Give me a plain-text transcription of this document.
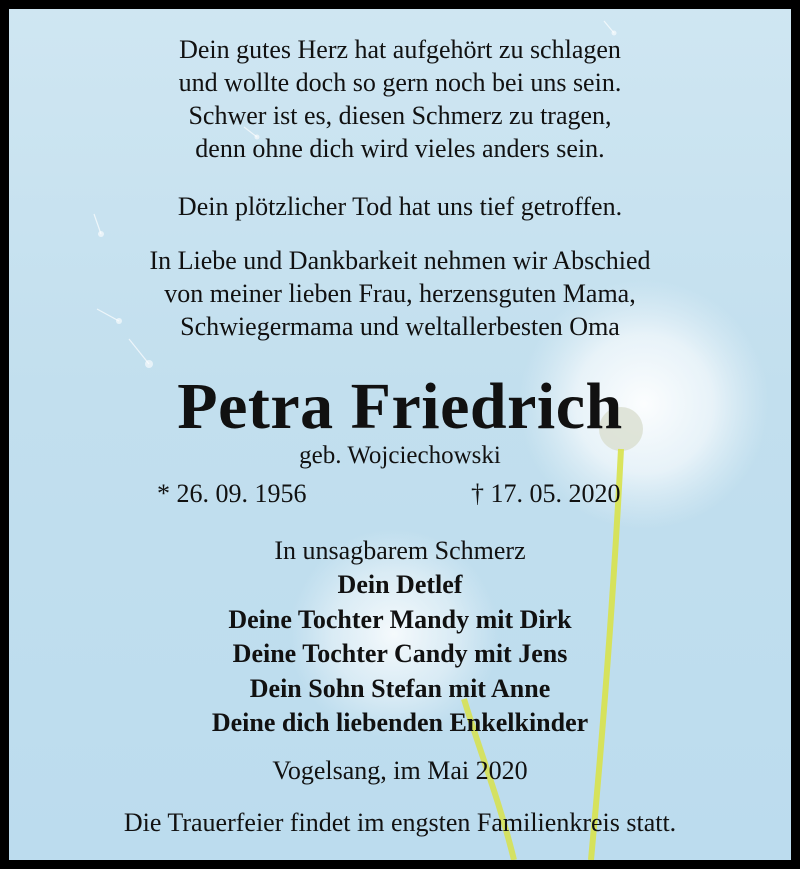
Dein gutes Herz hat aufgehört zu schlagen
und wollte doch so gern noch bei uns sein.
Schwer ist es, diesen Schmerz zu tragen,
denn ohne dich wird vieles anders sein.
Dein plötzlicher Tod hat uns tief getroffen.
In Liebe und Dankbarkeit nehmen wir Abschied
von meiner lieben Frau, herzensguten Mama,
Schwiegermama und weltallerbesten Oma
Petra Friedrich
geb. Wojciechowski
* 26. 09. 1956	† 17. 05. 2020
In unsagbarem Schmerz
Dein Detlef
Deine Tochter Mandy mit Dirk
Deine Tochter Candy mit Jens
Dein Sohn Stefan mit Anne
Deine dich liebenden Enkelkinder
Vogelsang, im Mai 2020
Die Trauerfeier findet im engsten Familienkreis statt.
